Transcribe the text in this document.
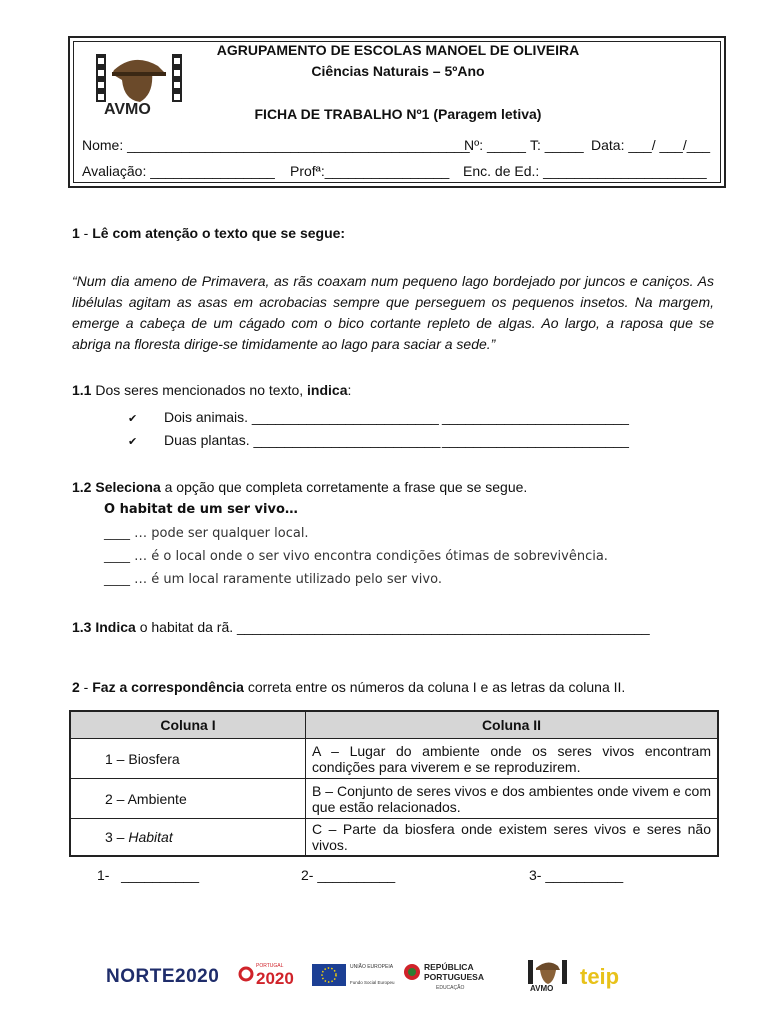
AVMO
AGRUPAMENTO DE ESCOLAS MANOEL DE OLIVEIRA
Ciências Naturais – 5ºAno
FICHA DE TRABALHO Nº1 (Paragem letiva)
Nome: ____________________________________________
Nº: _____ T: _____ Data: ___/ ___/___
Avaliação: ________________ Profª:________________ Enc. de Ed.: _____________________
1 - Lê com atenção o texto que se segue:
“Num dia ameno de Primavera, as rãs coaxam num pequeno lago bordejado por juncos e caniços. As
libélulas agitam as asas em acrobacias sempre que perseguem os pequenos insetos. Na margem,
emerge a cabeça de um cágado com o bico cortante repleto de algas. Ao largo, a raposa que se
abriga na floresta dirige-se timidamente ao lago para saciar a sede.”
1.1 Dos seres mencionados no texto, indica:
✔ Dois animais. ________________________ ________________________
✔ Duas plantas. ________________________ ________________________
1.2 Seleciona a opção que completa corretamente a frase que se segue.
O habitat de um ser vivo…
____ … pode ser qualquer local.
____ … é o local onde o ser vivo encontra condições ótimas de sobrevivência.
____ … é um local raramente utilizado pelo ser vivo.
1.3 Indica o habitat da rã. _____________________________________________________
2 - Faz a correspondência correta entre os números da coluna I e as letras da coluna II.
Coluna I	Coluna II
1 – Biosfera	A – Lugar do ambiente onde os seres vivos encontram condições para viverem e se reproduzirem.
2 – Ambiente	B – Conjunto de seres vivos e dos ambientes onde vivem e com que estão relacionados.
3 – Habitat	C – Parte da biosfera onde existem seres vivos e seres não vivos.
1-   __________	2- __________	3- __________
NORTE2020	PORTUGAL
2020
UNIÃO EUROPEIA
Fundo Social Europeu
REPÚBLICA
PORTUGUESA
EDUCAÇÃO	AVMO teip
